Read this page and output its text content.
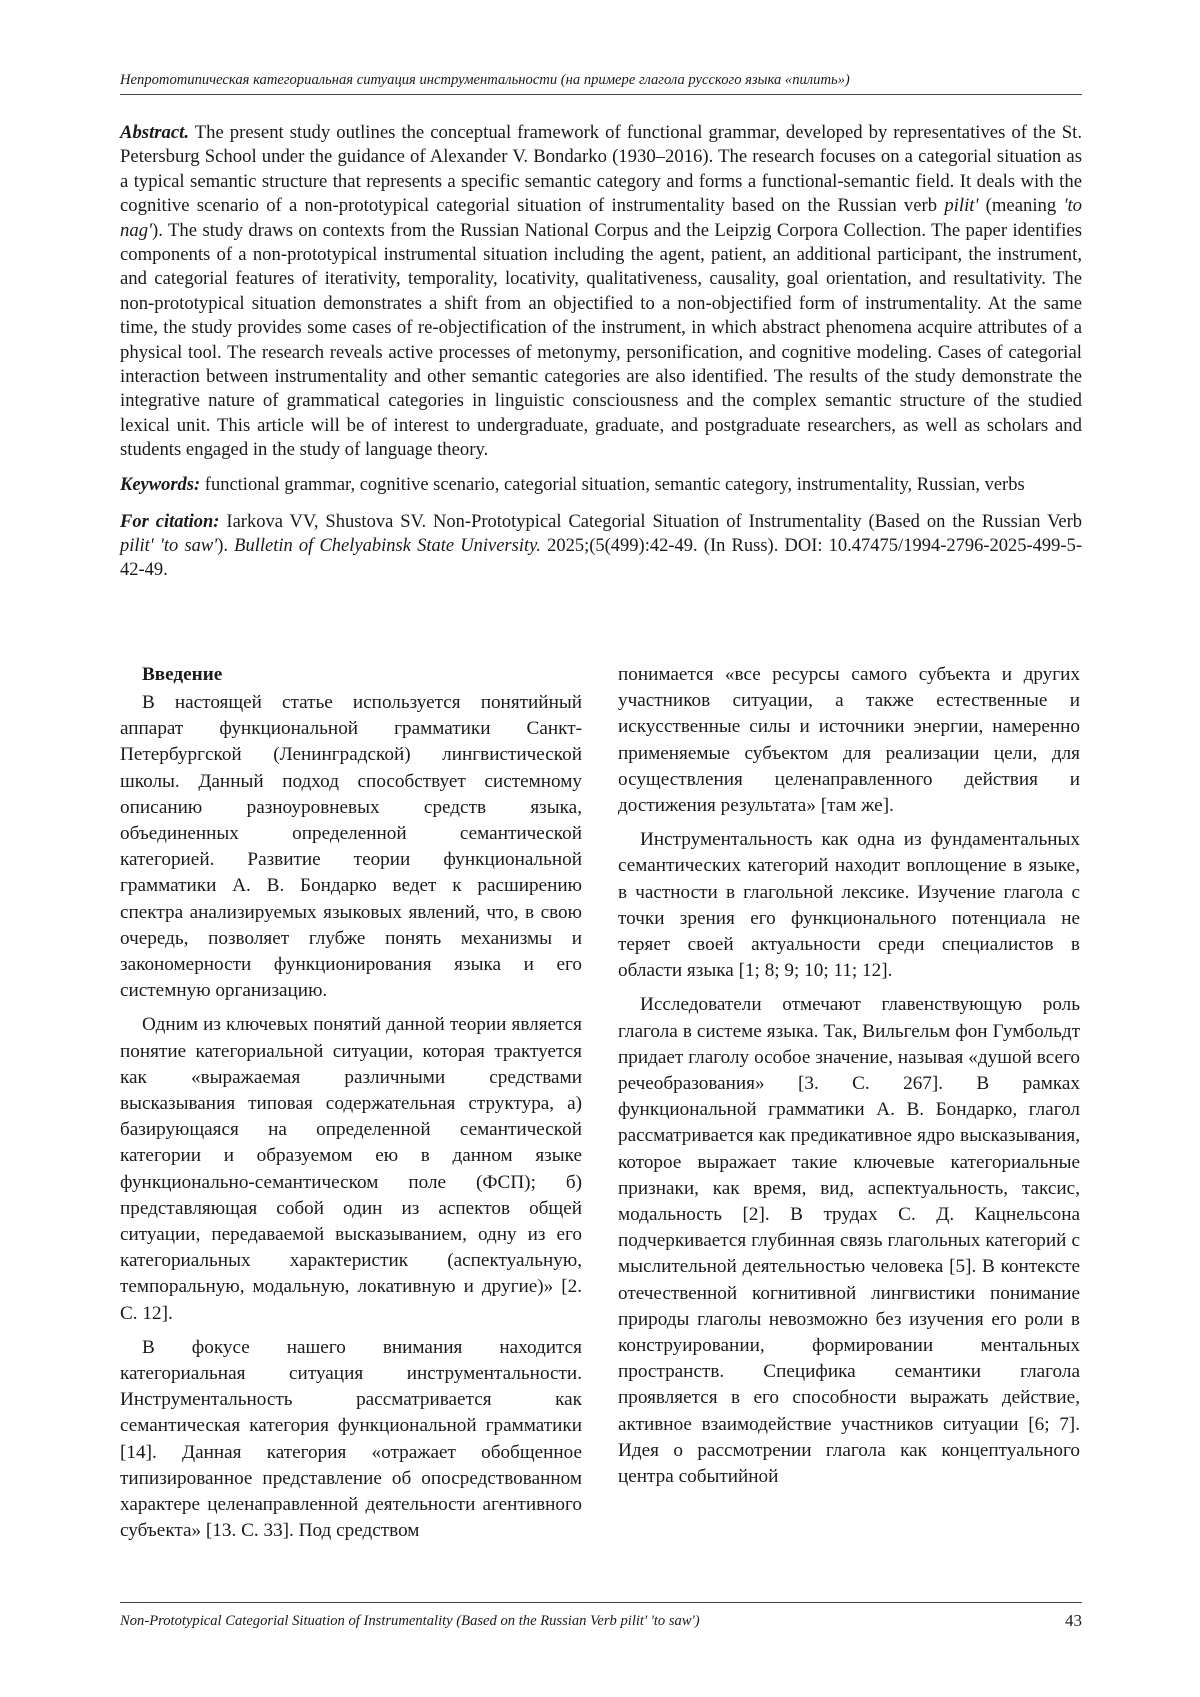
Непрототипическая категориальная ситуация инструментальности (на примере глагола русского языка «пилить»)
Abstract. The present study outlines the conceptual framework of functional grammar, developed by representatives of the St. Petersburg School under the guidance of Alexander V. Bondarko (1930–2016). The research focuses on a categorial situation as a typical semantic structure that represents a specific semantic category and forms a functional-semantic field. It deals with the cognitive scenario of a non-prototypical categorial situation of instrumentality based on the Russian verb pilit' (meaning 'to nag'). The study draws on contexts from the Russian National Corpus and the Leipzig Corpora Collection. The paper identifies components of a non-prototypical instrumental situation including the agent, patient, an additional participant, the instrument, and categorial features of iterativity, temporality, locativity, qualitativeness, causality, goal orientation, and resultativity. The non-prototypical situation demonstrates a shift from an objectified to a non-objectified form of instrumentality. At the same time, the study provides some cases of re-objectification of the instrument, in which abstract phenomena acquire attributes of a physical tool. The research reveals active processes of metonymy, personification, and cognitive modeling. Cases of categorial interaction between instrumentality and other semantic categories are also identified. The results of the study demonstrate the integrative nature of grammatical categories in linguistic consciousness and the complex semantic structure of the studied lexical unit. This article will be of interest to undergraduate, graduate, and postgraduate researchers, as well as scholars and students engaged in the study of language theory.
Keywords: functional grammar, cognitive scenario, categorial situation, semantic category, instrumentality, Russian, verbs
For citation: Iarkova VV, Shustova SV. Non-Prototypical Categorial Situation of Instrumentality (Based on the Russian Verb pilit' 'to saw'). Bulletin of Chelyabinsk State University. 2025;(5(499):42-49. (In Russ). DOI: 10.47475/1994-2796-2025-499-5-42-49.
Введение

В настоящей статье используется понятийный аппарат функциональной грамматики Санкт-Петербургской (Ленинградской) лингвистической школы. Данный подход способствует системному описанию разноуровневых средств языка, объединенных определенной семантической категорией. Развитие теории функциональной грамматики А. В. Бондарко ведет к расширению спектра анализируемых языковых явлений, что, в свою очередь, позволяет глубже понять механизмы и закономерности функционирования языка и его системную организацию.

Одним из ключевых понятий данной теории является понятие категориальной ситуации, которая трактуется как «выражаемая различными средствами высказывания типовая содержательная структура, а) базирующаяся на определенной семантической категории и образуемом ею в данном языке функционально-семантическом поле (ФСП); б) представляющая собой один из аспектов общей ситуации, передаваемой высказыванием, одну из его категориальных характеристик (аспектуальную, темпоральную, модальную, локативную и другие)» [2. С. 12].

В фокусе нашего внимания находится категориальная ситуация инструментальности. Инструментальность рассматривается как семантическая категория функциональной грамматики [14]. Данная категория «отражает обобщенное типизированное представление об опосредствованном характере целенаправленной деятельности агентивного субъекта» [13. С. 33]. Под средством

понимается «все ресурсы самого субъекта и других участников ситуации, а также естественные и искусственные силы и источники энергии, намеренно применяемые субъектом для реализации цели, для осуществления целенаправленного действия и достижения результата» [там же].

Инструментальность как одна из фундаментальных семантических категорий находит воплощение в языке, в частности в глагольной лексике. Изучение глагола с точки зрения его функционального потенциала не теряет своей актуальности среди специалистов в области языка [1; 8; 9; 10; 11; 12].

Исследователи отмечают главенствующую роль глагола в системе языка. Так, Вильгельм фон Гумбольдт придает глаголу особое значение, называя «душой всего речеобразования» [3. С. 267]. В рамках функциональной грамматики А. В. Бондарко, глагол рассматривается как предикативное ядро высказывания, которое выражает такие ключевые категориальные признаки, как время, вид, аспектуальность, таксис, модальность [2]. В трудах С. Д. Кацнельсона подчеркивается глубинная связь глагольных категорий с мыслительной деятельностью человека [5]. В контексте отечественной когнитивной лингвистики понимание природы глаголы невозможно без изучения его роли в конструировании, формировании ментальных пространств. Специфика семантики глагола проявляется в его способности выражать действие, активное взаимодействие участников ситуации [6; 7]. Идея о рассмотрении глагола как концептуального центра событийной

Non-Prototypical Categorial Situation of Instrumentality (Based on the Russian Verb pilit' 'to saw')	43
